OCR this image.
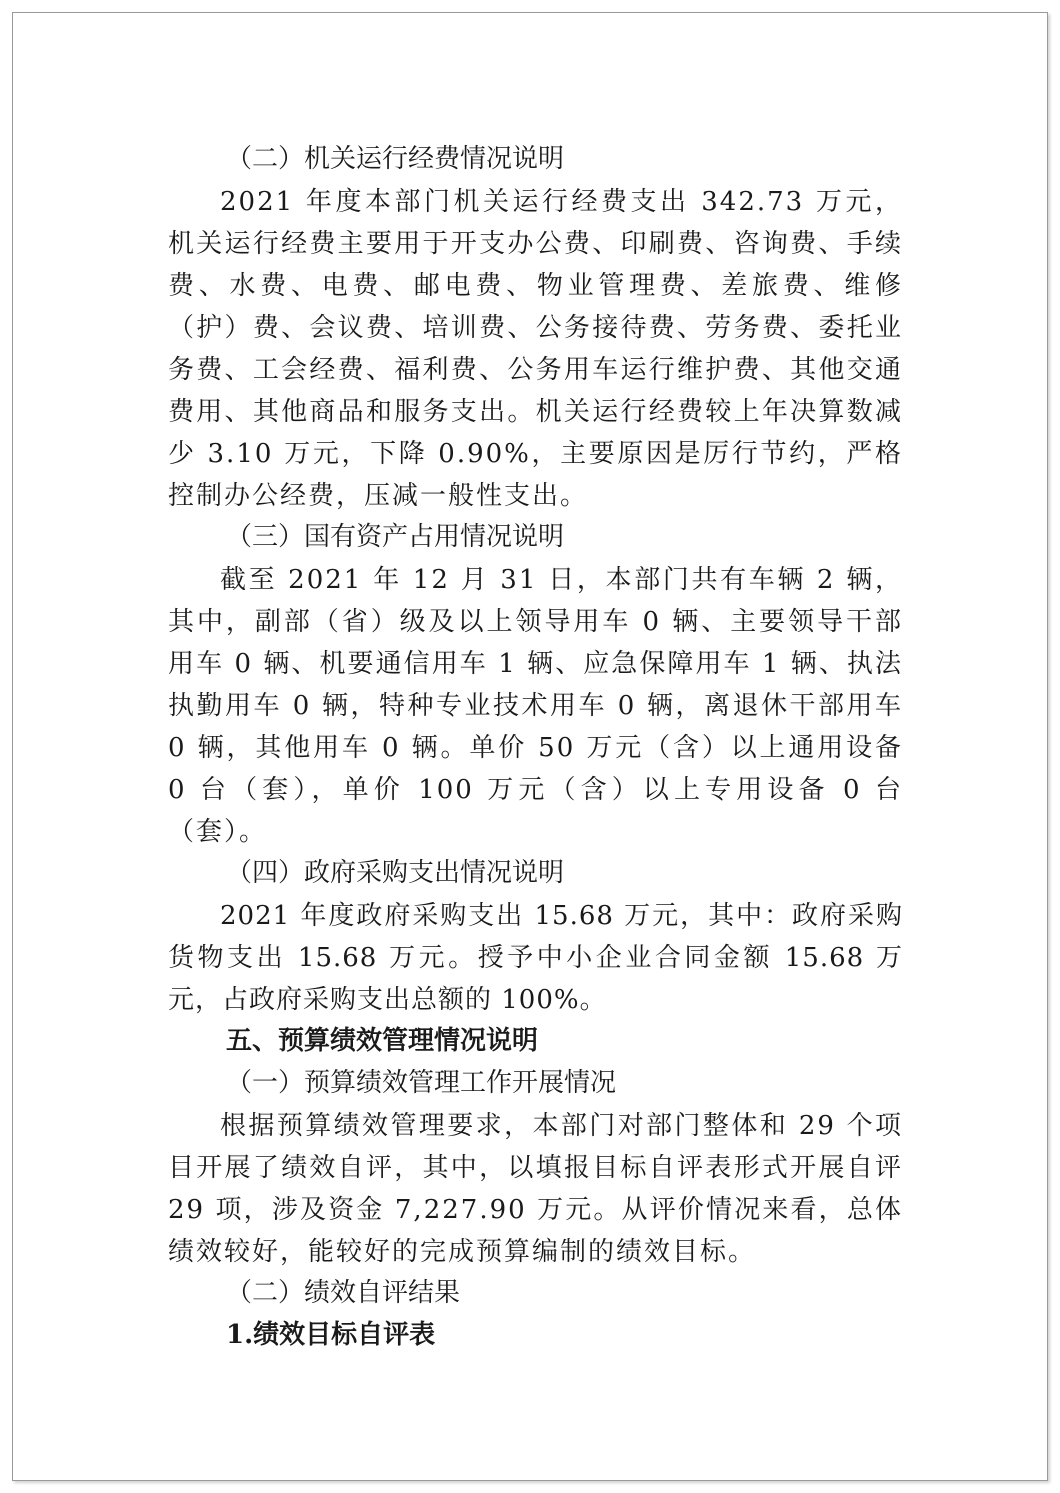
（二）机关运行经费情况说明
2021 年度本部门机关运行经费支出 342.73 万元，机关运行经费主要用于开支办公费、印刷费、咨询费、手续费、水费、电费、邮电费、物业管理费、差旅费、维修（护）费、会议费、培训费、公务接待费、劳务费、委托业务费、工会经费、福利费、公务用车运行维护费、其他交通费用、其他商品和服务支出。机关运行经费较上年决算数减少 3.10 万元，下降 0.90%，主要原因是厉行节约，严格控制办公经费，压减一般性支出。
（三）国有资产占用情况说明
截至 2021 年 12 月 31 日，本部门共有车辆 2 辆，其中，副部（省）级及以上领导用车 0 辆、主要领导干部用车 0 辆、机要通信用车 1 辆、应急保障用车 1 辆、执法执勤用车 0 辆，特种专业技术用车 0 辆，离退休干部用车 0 辆，其他用车 0 辆。单价 50 万元（含）以上通用设备 0 台（套），单价 100 万元（含）以上专用设备 0 台（套）。
（四）政府采购支出情况说明
2021 年度政府采购支出 15.68 万元，其中：政府采购货物支出 15.68 万元。授予中小企业合同金额 15.68 万元，占政府采购支出总额的 100%。
五、预算绩效管理情况说明
（一）预算绩效管理工作开展情况
根据预算绩效管理要求，本部门对部门整体和 29 个项目开展了绩效自评，其中，以填报目标自评表形式开展自评 29 项，涉及资金 7,227.90 万元。从评价情况来看，总体绩效较好，能较好的完成预算编制的绩效目标。
（二）绩效自评结果
1.绩效目标自评表
